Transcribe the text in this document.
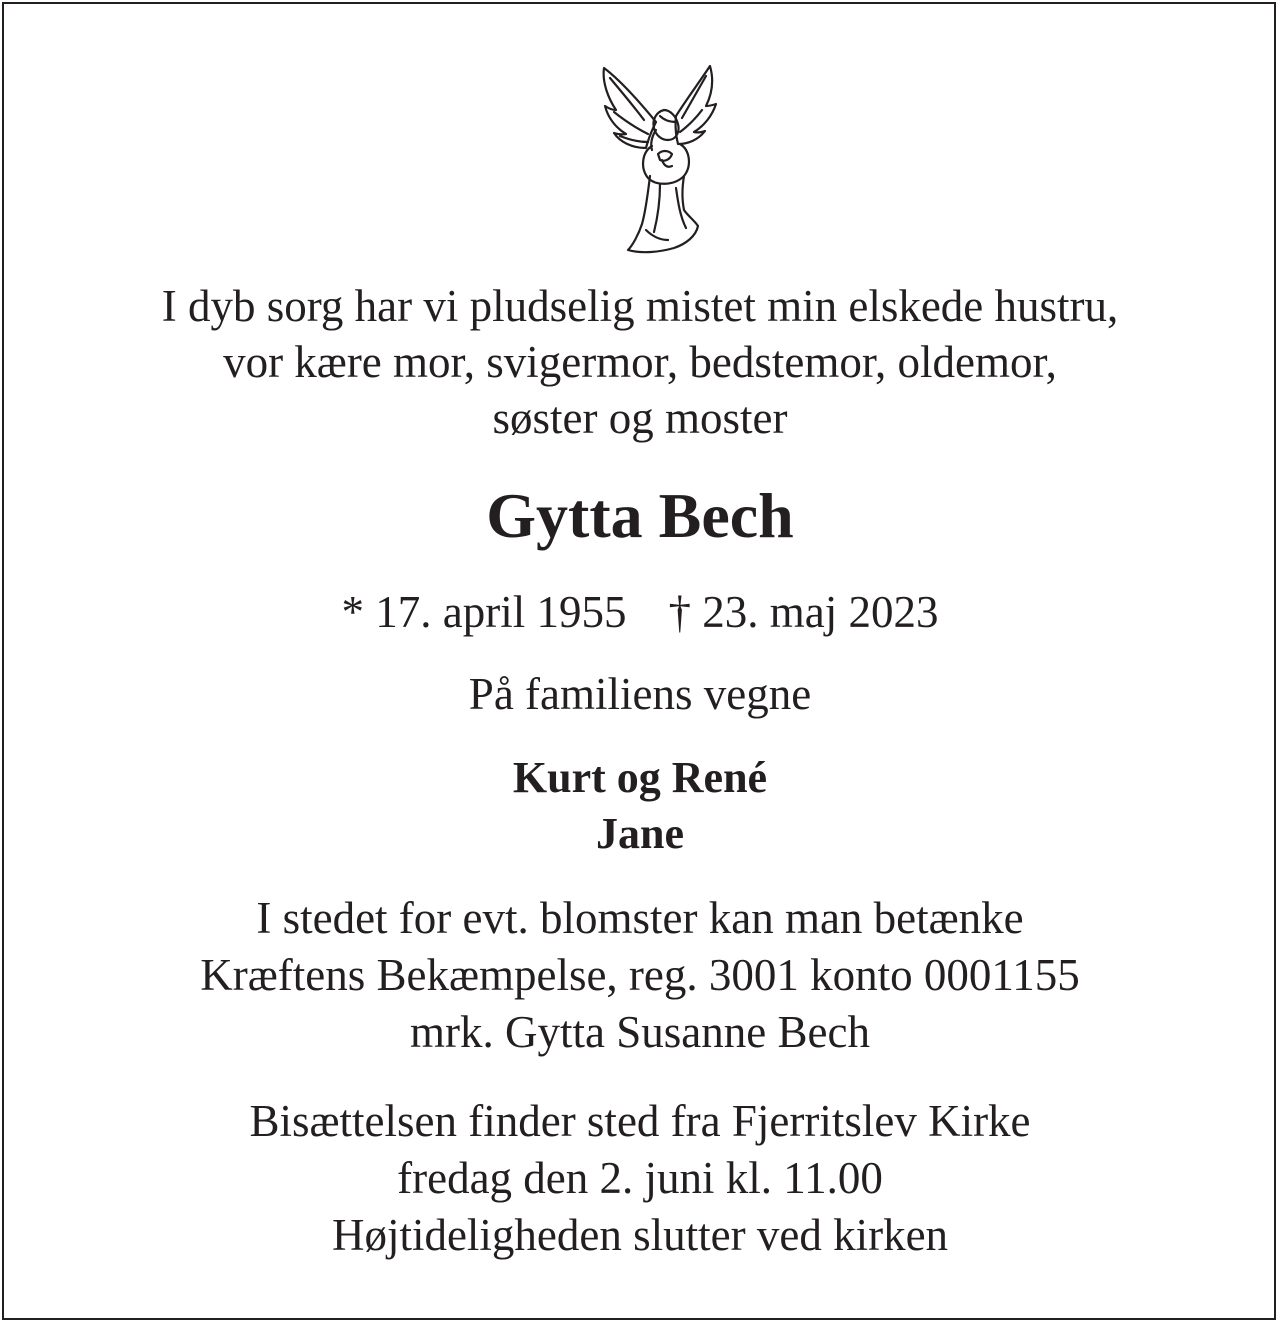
I dyb sorg har vi pludselig mistet min elskede hustru,
vor kære mor, svigermor, bedstemor, oldemor,
søster og moster
Gytta Bech
* 17. april 1955 † 23. maj 2023
På familiens vegne
Kurt og René
Jane
I stedet for evt. blomster kan man betænke
Kræftens Bekæmpelse, reg. 3001 konto 0001155
mrk. Gytta Susanne Bech
Bisættelsen finder sted fra Fjerritslev Kirke
fredag den 2. juni kl. 11.00
Højtideligheden slutter ved kirken
